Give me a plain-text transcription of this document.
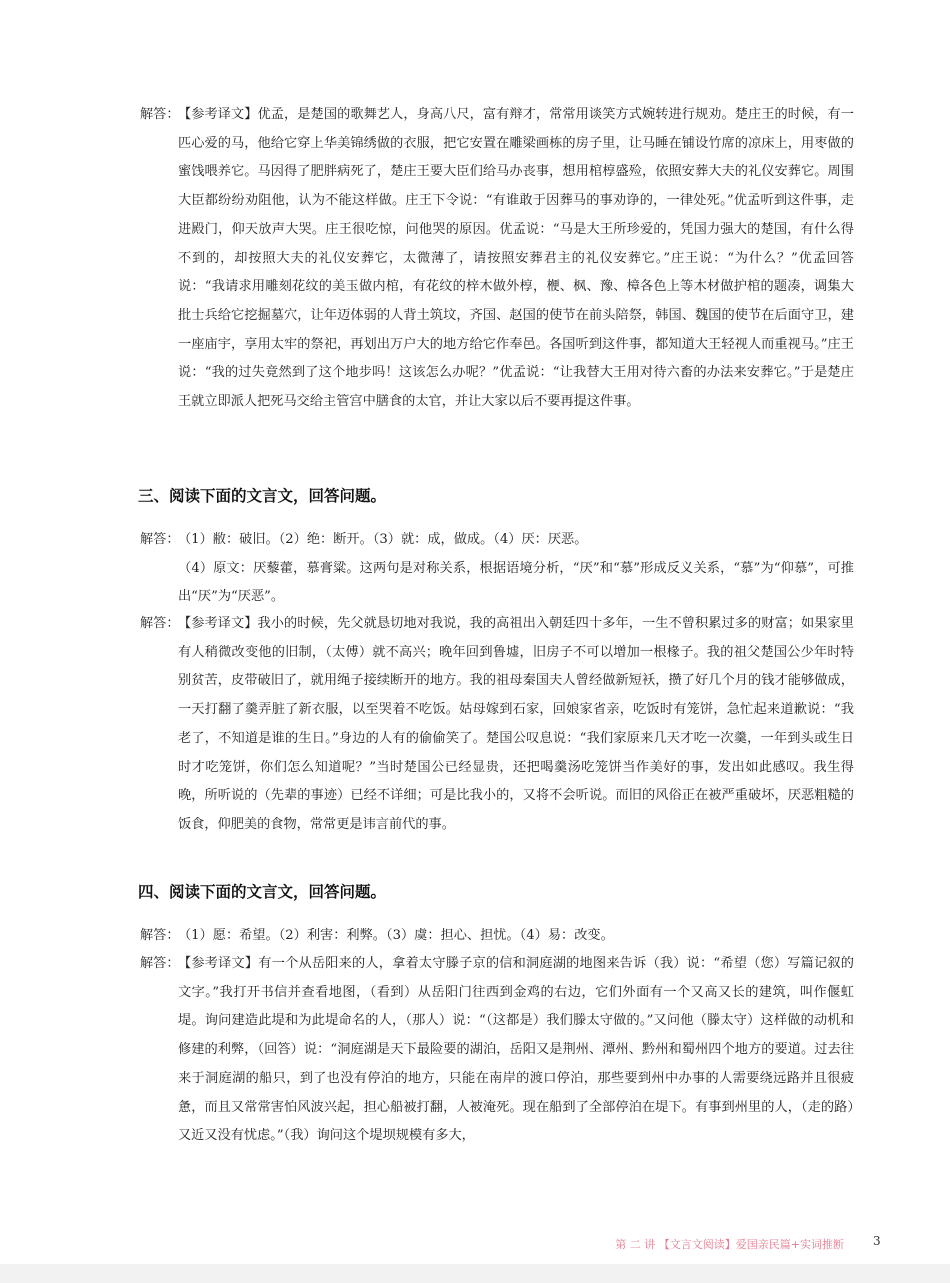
解答：
【参考译文】优孟，是楚国的歌舞艺人，身高八尺，富有辩才，常常用谈笑方式婉转进行规劝。楚庄王的时候，有一匹心爱的马，他给它穿上华美锦绣做的衣服，把它安置在雕梁画栋的房子里，让马睡在铺设竹席的凉床上，用枣做的蜜饯喂养它。马因得了肥胖病死了，楚庄王要大臣们给马办丧事，想用棺椁盛殓，依照安葬大夫的礼仪安葬它。周围大臣都纷纷劝阻他，认为不能这样做。庄王下令说：“有谁敢于因葬马的事劝诤的，一律处死。”优孟听到这件事，走进殿门，仰天放声大哭。庄王很吃惊，问他哭的原因。优孟说：“马是大王所珍爱的，凭国力强大的楚国，有什么得不到的，却按照大夫的礼仪安葬它，太微薄了，请按照安葬君主的礼仪安葬它。”庄王说：“为什么？”优孟回答说：“我请求用雕刻花纹的美玉做内棺，有花纹的梓木做外椁，楩、枫、豫、樟各色上等木材做护棺的题凑，调集大批士兵给它挖掘墓穴，让年迈体弱的人背土筑坟，齐国、赵国的使节在前头陪祭，韩国、魏国的使节在后面守卫，建一座庙宇，享用太牢的祭祀，再划出万户大的地方给它作奉邑。各国听到这件事，都知道大王轻视人而重视马。”庄王说：“我的过失竟然到了这个地步吗！这该怎么办呢？”优孟说：“让我替大王用对待六畜的办法来安葬它。”于是楚庄王就立即派人把死马交给主管宫中膳食的太官，并让大家以后不要再提这件事。
三、阅读下面的文言文，回答问题。
解答：
（1）敝：破旧。（2）绝：断开。（3）就：成，做成。（4）厌：厌恶。
（4）原文：厌藜藿，慕膏粱。这两句是对称关系，根据语境分析，“厌”和“慕”形成反义关系，“慕”为“仰慕”，可推出“厌”为“厌恶”。
解答：
【参考译文】我小的时候，先父就恳切地对我说，我的高祖出入朝廷四十多年，一生不曾积累过多的财富；如果家里有人稍微改变他的旧制，（太傅）就不高兴；晚年回到鲁墟，旧房子不可以增加一根椽子。我的祖父楚国公少年时特别贫苦，皮带破旧了，就用绳子接续断开的地方。我的祖母秦国夫人曾经做新短袄，攒了好几个月的钱才能够做成，一天打翻了羹弄脏了新衣服，以至哭着不吃饭。姑母嫁到石家，回娘家省亲，吃饭时有笼饼，急忙起来道歉说：“我老了，不知道是谁的生日。”身边的人有的偷偷笑了。楚国公叹息说：“我们家原来几天才吃一次羹，一年到头或生日时才吃笼饼，你们怎么知道呢？”当时楚国公已经显贵，还把喝羹汤吃笼饼当作美好的事，发出如此感叹。我生得晚，所听说的（先辈的事迹）已经不详细；可是比我小的，又将不会听说。而旧的风俗正在被严重破坏，厌恶粗糙的饭食，仰肥美的食物，常常更是讳言前代的事。
四、阅读下面的文言文，回答问题。
解答：
（1）愿：希望。（2）利害：利弊。（3）虞：担心、担忧。（4）易：改变。
解答：
【参考译文】有一个从岳阳来的人，拿着太守滕子京的信和洞庭湖的地图来告诉（我）说：“希望（您）写篇记叙的文字。”我打开书信并查看地图，（看到）从岳阳门往西到金鸡的右边，它们外面有一个又高又长的建筑，叫作偃虹堤。询问建造此堤和为此堤命名的人，（那人）说：“（这都是）我们滕太守做的。”又问他（滕太守）这样做的动机和修建的利弊，（回答）说：“洞庭湖是天下最险要的湖泊，岳阳又是荆州、潭州、黔州和蜀州四个地方的要道。过去往来于洞庭湖的船只，到了也没有停泊的地方，只能在南岸的渡口停泊，那些要到州中办事的人需要绕远路并且很疲惫，而且又常常害怕风波兴起，担心船被打翻，人被淹死。现在船到了全部停泊在堤下。有事到州里的人，（走的路）又近又没有忧虑。”（我）询问这个堤坝规模有多大，
第 二 讲 【文言文阅读】爱国亲民篇+实词推断 3
